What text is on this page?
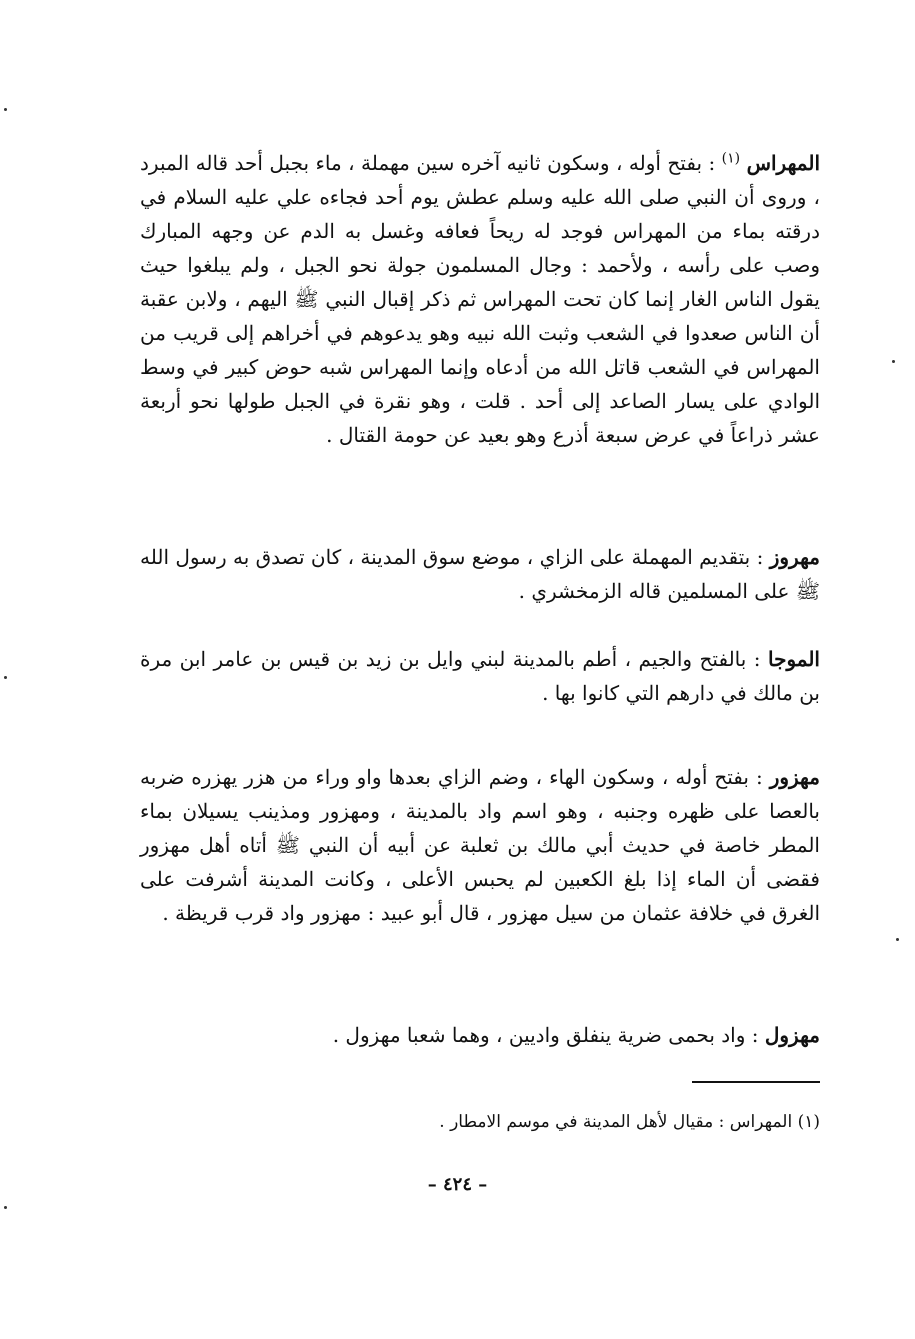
المهراس $^{(١)}$ : بفتح أوله ، وسكون ثانيه آخره سين مهملة ، ماء بجبل أحد قاله المبرد ، وروى أن النبي صلى الله عليه وسلم عطش يوم أحد فجاءه علي عليه السلام في درقته بماء من المهراس فوجد له ريحاً فعافه وغسل به الدم عن وجهه المبارك وصب على رأسه ، ولأحمد : وجال المسلمون جولة نحو الجبل ، ولم يبلغوا حيث يقول الناس الغار إنما كان تحت المهراس ثم ذكر إقبال النبي ﷺ اليهم ، ولابن عقبة أن الناس صعدوا في الشعب وثبت الله نبيه وهو يدعوهم في أخراهم إلى قريب من المهراس في الشعب قاتل الله من أدعاه وإنما المهراس شبه حوض كبير في وسط الوادي على يسار الصاعد إلى أحد . قلت ، وهو نقرة في الجبل طولها نحو أربعة عشر ذراعاً في عرض سبعة أذرع وهو بعيد عن حومة القتال .

مهروز : بتقديم المهملة على الزاي ، موضع سوق المدينة ، كان تصدق به رسول الله ﷺ على المسلمين قاله الزمخشري .

الموجا : بالفتح والجيم ، أطم بالمدينة لبني وايل بن زيد بن قيس بن عامر ابن مرة بن مالك في دارهم التي كانوا بها .

مهزور : بفتح أوله ، وسكون الهاء ، وضم الزاي بعدها واو وراء من هزر يهزره ضربه بالعصا على ظهره وجنبه ، وهو اسم واد بالمدينة ، ومهزور ومذينب يسيلان بماء المطر خاصة في حديث أبي مالك بن ثعلبة عن أبيه أن النبي ﷺ أتاه أهل مهزور فقضى أن الماء إذا بلغ الكعبين لم يحبس الأعلى ، وكانت المدينة أشرفت على الغرق في خلافة عثمان من سيل مهزور ، قال أبو عبيد : مهزور واد قرب قريظة .

مهزول : واد بحمى ضرية ينفلق واديين ، وهما شعبا مهزول .

(١) المهراس : مقيال لأهل المدينة في موسم الامطار .

– ٤٢٤ –
